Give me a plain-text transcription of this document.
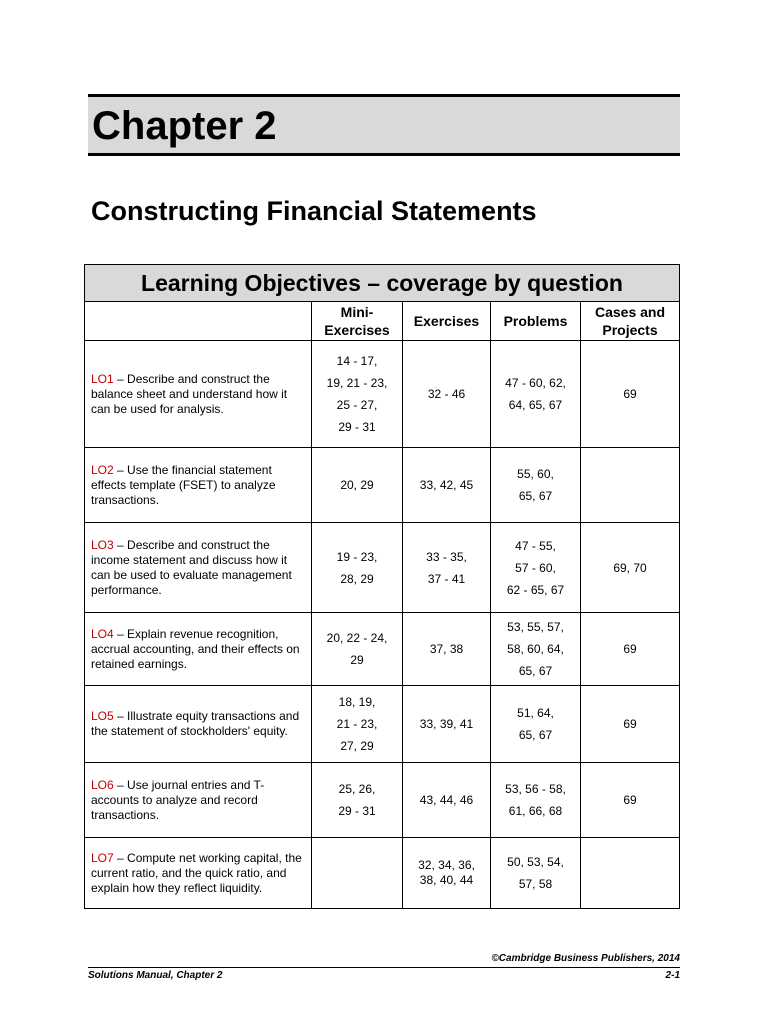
Chapter 2
Constructing Financial Statements
Learning Objectives – coverage by question				
	Mini-
Exercises	Exercises	Problems	Cases and
Projects
LO1 – Describe and construct the balance sheet and understand how it can be used for analysis.	14 - 17,
19, 21 - 23,
25 - 27,
29 - 31	32 - 46	47 - 60, 62,
64, 65, 67	69
LO2 – Use the financial statement effects template (FSET) to analyze transactions.	20, 29	33, 42, 45	55, 60,
65, 67	
LO3 – Describe and construct the income statement and discuss how it can be used to evaluate management performance.	19 - 23,
28, 29	33 - 35,
37 - 41	47 - 55,
57 - 60,
62 - 65, 67	69, 70
LO4 – Explain revenue recognition, accrual accounting, and their effects on retained earnings.	20, 22 - 24,
29	37, 38	53, 55, 57,
58, 60, 64,
65, 67	69
LO5 – Illustrate equity transactions and the statement of stockholders' equity.	18, 19,
21 - 23,
27, 29	33, 39, 41	51, 64,
65, 67	69
LO6 – Use journal entries and T-accounts to analyze and record transactions.	25, 26,
29 - 31	43, 44, 46	53, 56 - 58,
61, 66, 68	69
LO7 – Compute net working capital, the current ratio, and the quick ratio, and explain how they reflect liquidity.		32, 34, 36,
38, 40, 44	50, 53, 54,
57, 58	
©Cambridge Business Publishers, 2014
Solutions Manual, Chapter 2	2-1
